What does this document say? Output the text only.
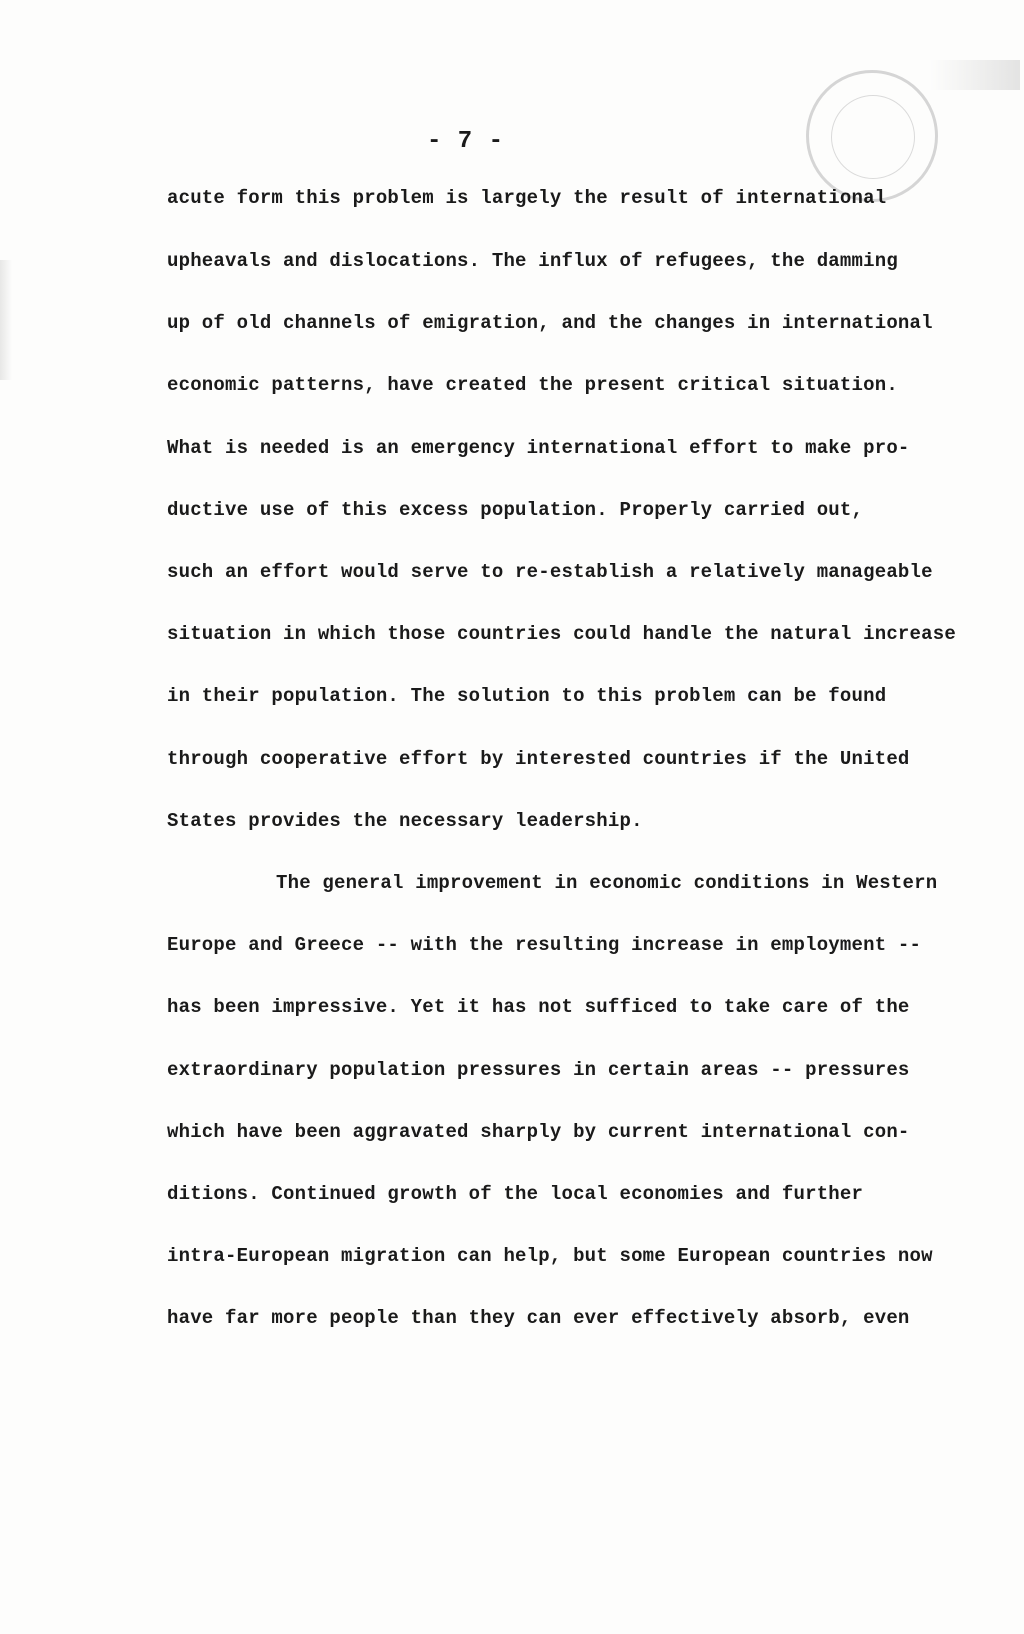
- 7 -
acute form this problem is largely the result of international
upheavals and dislocations. The influx of refugees, the damming
up of old channels of emigration, and the changes in international
economic patterns, have created the present critical situation.
What is needed is an emergency international effort to make pro-
ductive use of this excess population. Properly carried out,
such an effort would serve to re-establish a relatively manageable
situation in which those countries could handle the natural increase
in their population. The solution to this problem can be found
through cooperative effort by interested countries if the United
States provides the necessary leadership.
The general improvement in economic conditions in Western
Europe and Greece -- with the resulting increase in employment --
has been impressive. Yet it has not sufficed to take care of the
extraordinary population pressures in certain areas -- pressures
which have been aggravated sharply by current international con-
ditions. Continued growth of the local economies and further
intra-European migration can help, but some European countries now
have far more people than they can ever effectively absorb, even
